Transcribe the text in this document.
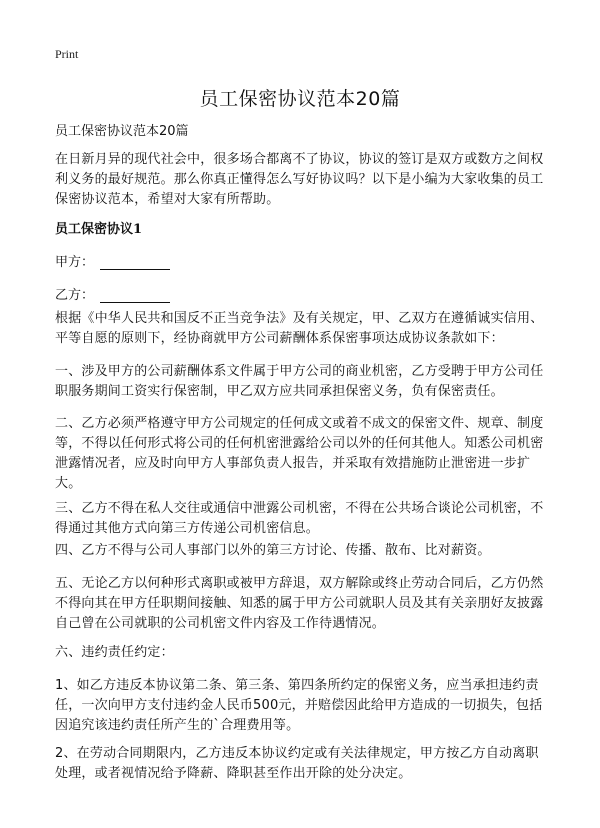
Print
员工保密协议范本20篇
员工保密协议范本20篇

在日新月异的现代社会中，很多场合都离不了协议，协议的签订是双方或数方之间权利义务的最好规范。那么你真正懂得怎么写好协议吗？以下是小编为大家收集的员工保密协议范本，希望对大家有所帮助。

员工保密协议1
甲方：
乙方：

根据《中华人民共和国反不正当竞争法》及有关规定，甲、乙双方在遵循诚实信用、平等自愿的原则下，经协商就甲方公司薪酬体系保密事项达成协议条款如下：

一、涉及甲方的公司薪酬体系文件属于甲方公司的商业机密，乙方受聘于甲方公司任职服务期间工资实行保密制，甲乙双方应共同承担保密义务，负有保密责任。

二、乙方必须严格遵守甲方公司规定的任何成文或着不成文的保密文件、规章、制度等，不得以任何形式将公司的任何机密泄露给公司以外的任何其他人。知悉公司机密泄露情况者，应及时向甲方人事部负责人报告，并采取有效措施防止泄密进一步扩大。

三、乙方不得在私人交往或通信中泄露公司机密，不得在公共场合谈论公司机密，不得通过其他方式向第三方传递公司机密信息。

四、乙方不得与公司人事部门以外的第三方讨论、传播、散布、比对薪资。

五、无论乙方以何种形式离职或被甲方辞退，双方解除或终止劳动合同后，乙方仍然不得向其在甲方任职期间接触、知悉的属于甲方公司就职人员及其有关亲朋好友披露自己曾在公司就职的公司机密文件内容及工作待遇情况。

六、违约责任约定：

1、如乙方违反本协议第二条、第三条、第四条所约定的保密义务，应当承担违约责任，一次向甲方支付违约金人民币500元，并赔偿因此给甲方造成的一切损失，包括因追究该违约责任所产生的`合理费用等。

2、在劳动合同期限内，乙方违反本协议约定或有关法律规定，甲方按乙方自动离职处理，或者视情况给予降薪、降职甚至作出开除的处分决定。
